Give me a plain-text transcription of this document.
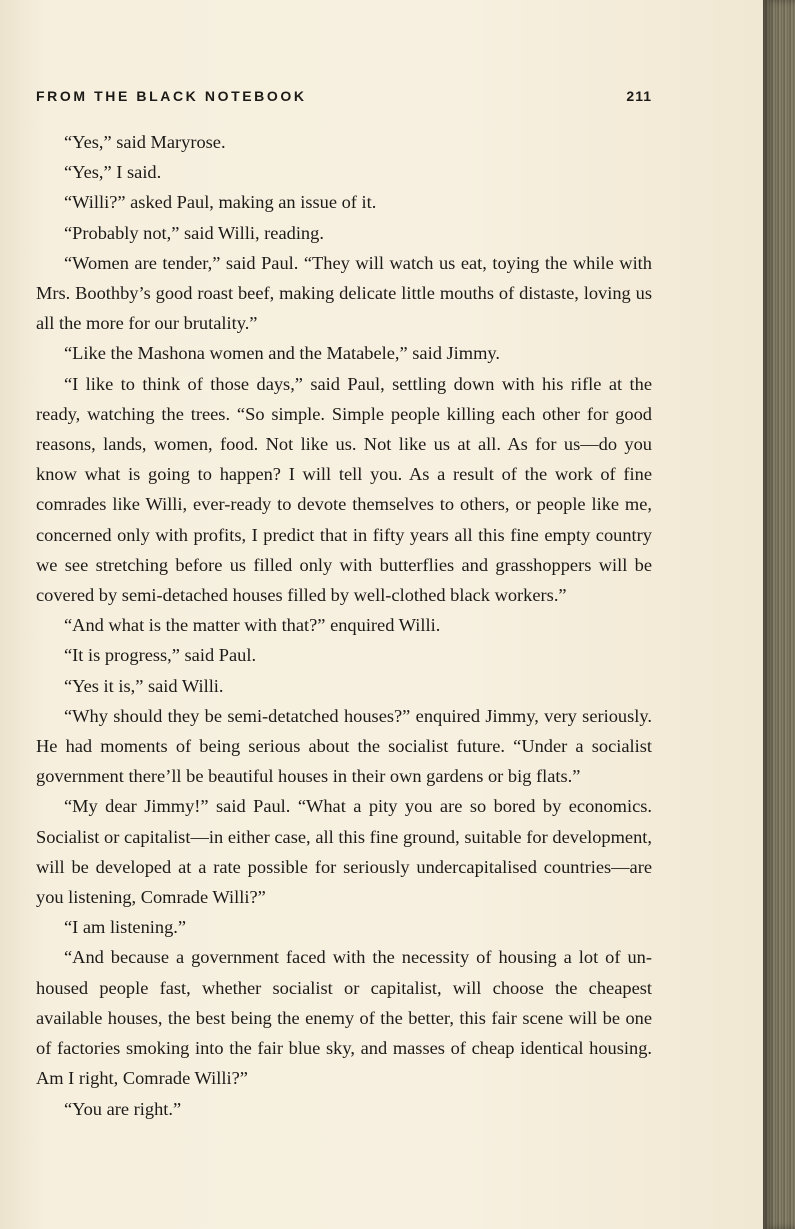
FROM THE BLACK NOTEBOOK	211

“Yes,” said Maryrose.

“Yes,” I said.

“Willi?” asked Paul, making an issue of it.

“Probably not,” said Willi, reading.

“Women are tender,” said Paul. “They will watch us eat, toying the while with Mrs. Boothby’s good roast beef, making delicate little mouths of distaste, loving us all the more for our brutality.”

“Like the Mashona women and the Matabele,” said Jimmy.

“I like to think of those days,” said Paul, settling down with his rifle at the ready, watching the trees. “So simple. Simple people killing each other for good reasons, lands, women, food. Not like us. Not like us at all. As for us—do you know what is going to happen? I will tell you. As a result of the work of fine comrades like Willi, ever-ready to devote themselves to others, or people like me, concerned only with profits, I predict that in fifty years all this fine empty country we see stretching before us filled only with butterflies and grasshoppers will be covered by semi-detached houses filled by well-clothed black workers.”

“And what is the matter with that?” enquired Willi.

“It is progress,” said Paul.

“Yes it is,” said Willi.

“Why should they be semi-detatched houses?” enquired Jimmy, very seriously. He had moments of being serious about the socialist future. “Under a socialist government there’ll be beautiful houses in their own gardens or big flats.”

“My dear Jimmy!” said Paul. “What a pity you are so bored by economics. Socialist or capitalist—in either case, all this fine ground, suitable for development, will be developed at a rate possible for seriously undercapitalised countries—are you listening, Comrade Willi?”

“I am listening.”

“And because a government faced with the necessity of housing a lot of un-housed people fast, whether socialist or capitalist, will choose the cheapest available houses, the best being the enemy of the better, this fair scene will be one of factories smoking into the fair blue sky, and masses of cheap identical housing. Am I right, Comrade Willi?”

“You are right.”
